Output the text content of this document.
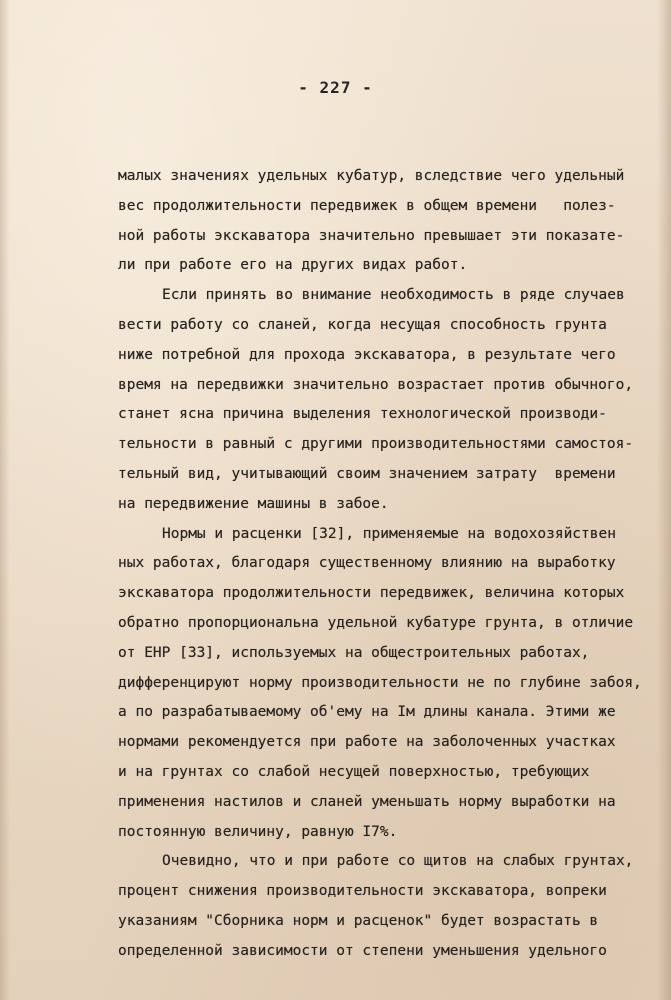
- 227 -
малых значениях удельных кубатур, вследствие чего удельный
вес продолжительности передвижек в общем времени   полез-
ной работы экскаватора значительно превышает эти показате-
ли при работе его на других видах работ.
Если принять во внимание необходимость в ряде случаев
вести работу со сланей, когда несущая способность грунта
ниже потребной для прохода экскаватора, в результате чего
время на передвижки значительно возрастает против обычного,
станет ясна причина выделения технологической производи-
тельности в равный с другими производительностями самостоя-
тельный вид, учитывающий своим значением затрату  времени
на передвижение машины в забое.
Нормы и расценки [32], применяемые на водохозяйствен
ных работах, благодаря существенному влиянию на выработку
экскаватора продолжительности передвижек, величина которых
обратно пропорциональна удельной кубатуре грунта, в отличие
от ЕНР [33], используемых на общестроительных работах,
дифференцируют норму производительности не по глубине забоя,
а по разрабатываемому об'ему на Iм длины канала. Этими же
нормами рекомендуется при работе на заболоченных участках
и на грунтах со слабой несущей поверхностью, требующих
применения настилов и сланей уменьшать норму выработки на
постоянную величину, равную I7%.
Очевидно, что и при работе со щитов на слабых грунтах,
процент снижения производительности экскаватора, вопреки
указаниям "Сборника норм и расценок" будет возрастать в
определенной зависимости от степени уменьшения удельного
